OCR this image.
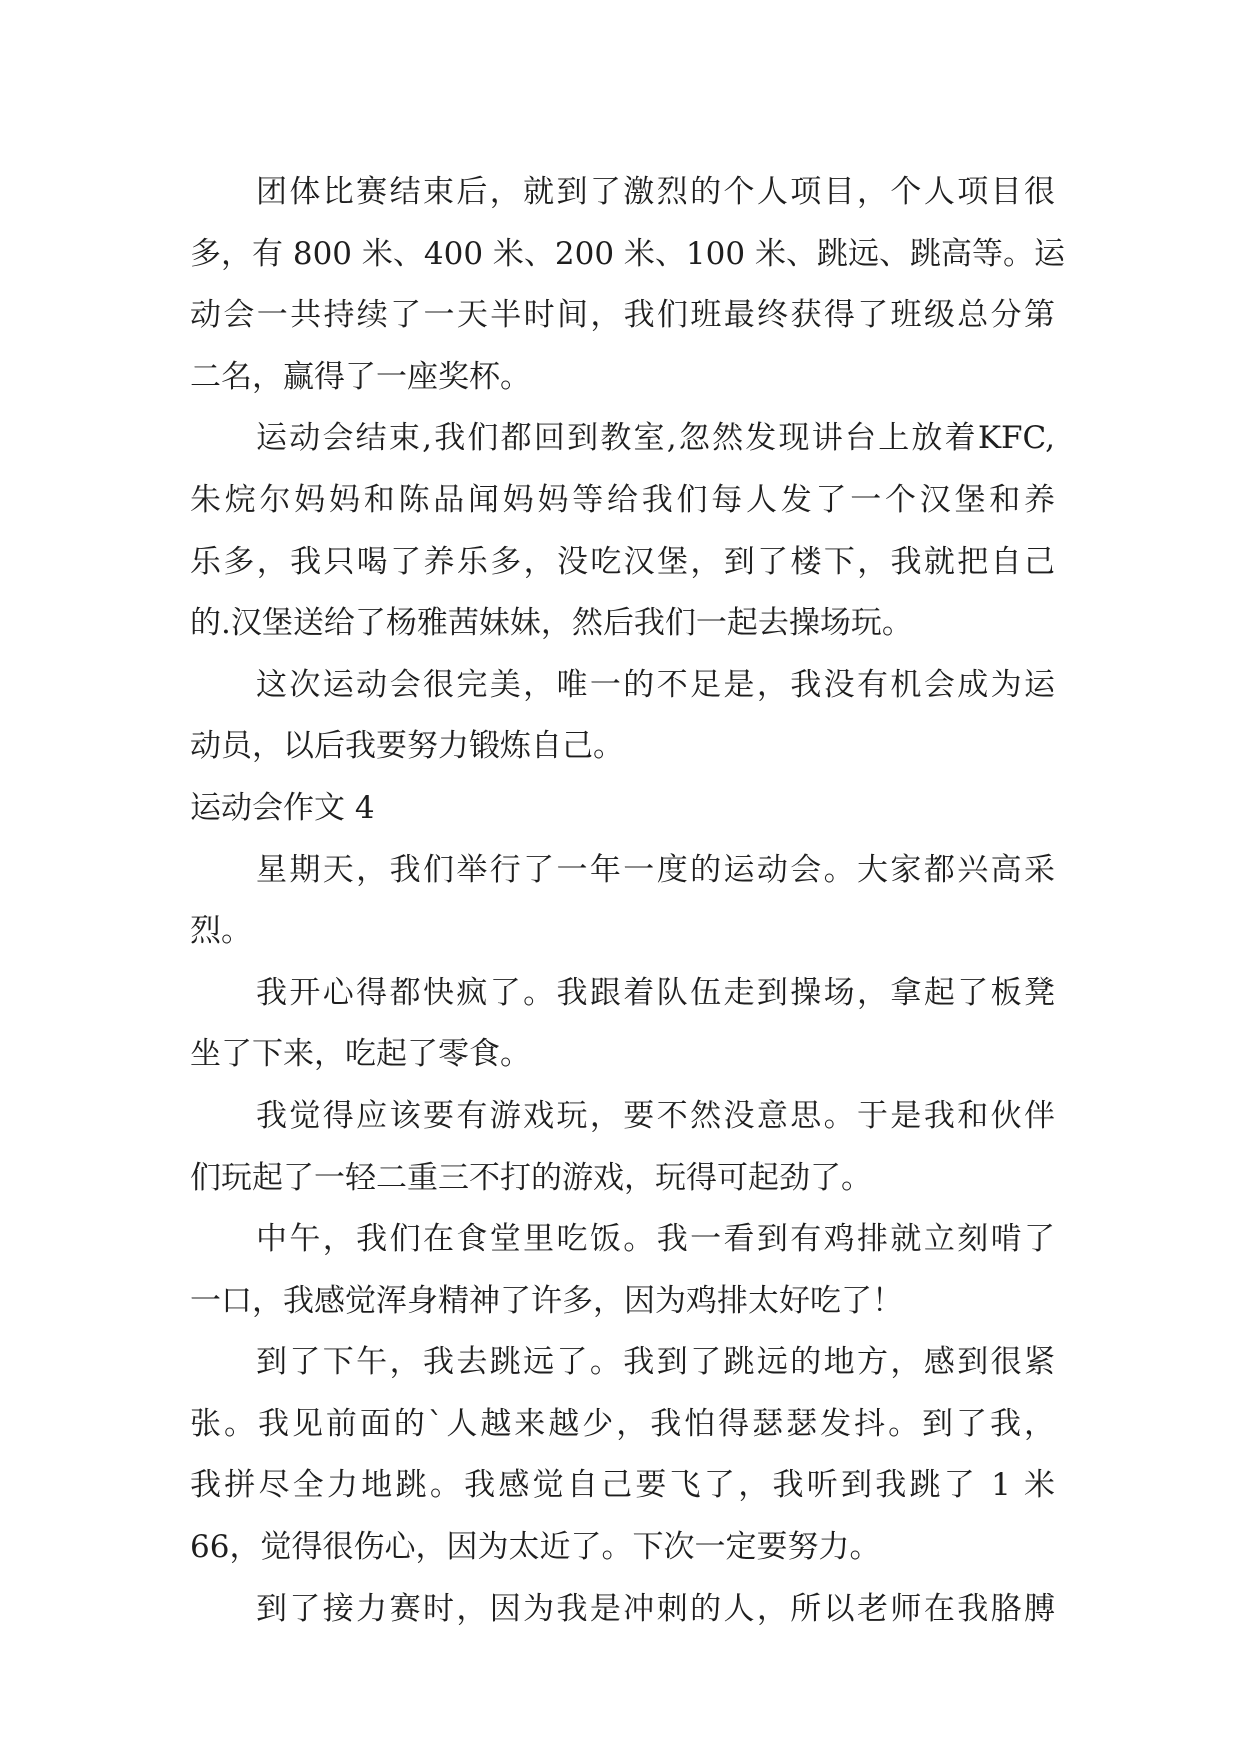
团体比赛结束后，就到了激烈的个人项目，个人项目很
多，有 800 米、400 米、200 米、100 米、跳远、跳高等。运
动会一共持续了一天半时间，我们班最终获得了班级总分第
二名，赢得了一座奖杯。
运动会结束,我们都回到教室,忽然发现讲台上放着KFC,
朱烷尔妈妈和陈品闻妈妈等给我们每人发了一个汉堡和养
乐多，我只喝了养乐多，没吃汉堡，到了楼下，我就把自己
的.汉堡送给了杨雅茜妹妹，然后我们一起去操场玩。
这次运动会很完美，唯一的不足是，我没有机会成为运
动员，以后我要努力锻炼自己。
运动会作文 4
星期天，我们举行了一年一度的运动会。大家都兴高采
烈。
我开心得都快疯了。我跟着队伍走到操场，拿起了板凳
坐了下来，吃起了零食。
我觉得应该要有游戏玩，要不然没意思。于是我和伙伴
们玩起了一轻二重三不打的游戏，玩得可起劲了。
中午，我们在食堂里吃饭。我一看到有鸡排就立刻啃了
一口，我感觉浑身精神了许多，因为鸡排太好吃了！
到了下午，我去跳远了。我到了跳远的地方，感到很紧
张。我见前面的`人越来越少，我怕得瑟瑟发抖。到了我，
我拼尽全力地跳。我感觉自己要飞了，我听到我跳了 1 米
66，觉得很伤心，因为太近了。下次一定要努力。
到了接力赛时，因为我是冲刺的人，所以老师在我胳膊
